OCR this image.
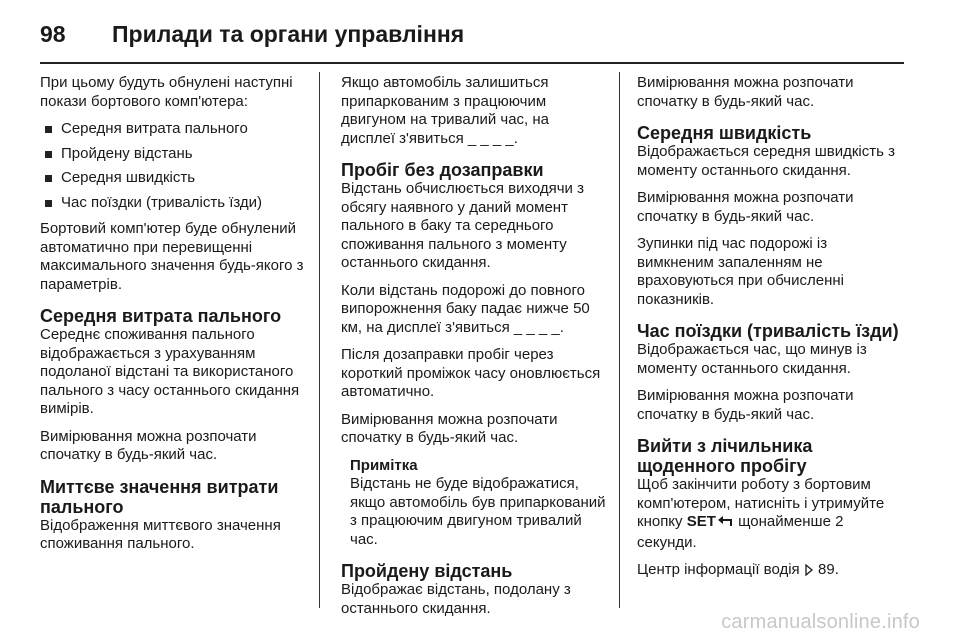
98	Прилади та органи управління

При цьому будуть обнулені наступні покази бортового комп'ютера:

Середня витрата пального
Пройдену відстань
Середня швидкість
Час поїздки (тривалість їзди)

Бортовий комп'ютер буде обнулений автоматично при перевищенні максимального значення будь-якого з параметрів.

Середня витрата пального

Середнє споживання пального відображається з урахуванням подоланої відстані та використаного пального з часу останнього скидання вимірів.

Вимірювання можна розпочати спочатку в будь-який час.

Миттєве значення витрати пального

Відображення миттєвого значення споживання пального.

Якщо автомобіль залишиться припаркованим з працюючим двигуном на тривалий час, на дисплеї з'явиться _ _ _ _.

Пробіг без дозаправки

Відстань обчислюється виходячи з обсягу наявного у даний момент пального в баку та середнього споживання пального з моменту останнього скидання.

Коли відстань подорожі до повного випорожнення баку падає нижче 50 км, на дисплеї з'явиться _ _ _ _.

Після дозаправки пробіг через короткий проміжок часу оновлюється автоматично.

Вимірювання можна розпочати спочатку в будь-який час.

Примітка
Відстань не буде відображатися, якщо автомобіль був припаркований з працюючим двигуном тривалий час.
Пройдену відстань

Відображає відстань, подолану з останнього скидання.

Вимірювання можна розпочати спочатку в будь-який час.

Середня швидкість

Відображається середня швидкість з моменту останнього скидання.

Вимірювання можна розпочати спочатку в будь-який час.

Зупинки під час подорожі із вимкненим запаленням не враховуються при обчисленні показників.

Час поїздки (тривалість їзди)

Відображається час, що минув із моменту останнього скидання.

Вимірювання можна розпочати спочатку в будь-який час.

Вийти з лічильника щоденного пробігу

Щоб закінчити роботу з бортовим комп'ютером, натисніть і утримуйте кнопку SET щонайменше 2 секунди.

Центр інформації водія 89.

carmanualsonline.info
